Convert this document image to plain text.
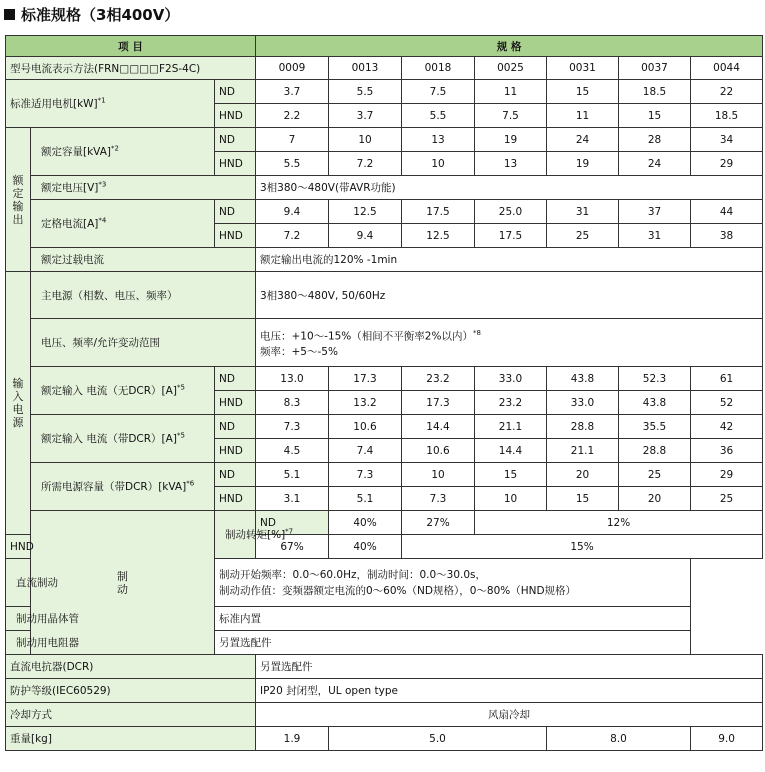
标准规格（3相400V）
项 目			规 格						
型号电流表示方法(FRN□□□□F2S-4C)			0009	0013	0018	0025	0031	0037	0044
标准适用电机[kW]$^{*1}$		ND	3.7	5.5	7.5	11	15	18.5	22
		HND	2.2	3.7	5.5	7.5	11	15	18.5
额定输出	额定容量[kVA]$^{*2}$	ND	7	10	13	19	24	28	34
		HND	5.5	7.2	10	13	19	24	29
	额定电压[V]$^{*3}$		3相380～480V(带AVR功能)						
	定格电流[A]$^{*4}$	ND	9.4	12.5	17.5	25.0	31	37	44
		HND	7.2	9.4	12.5	17.5	25	31	38
	额定过载电流		额定输出电流的120% -1min						
输入电源	主电源（相数、电压、频率）		3相380～480V, 50/60Hz						
	电压、频率/允许变动范围		电压：+10～-15%（相间不平衡率2%以内）$^{*8}$
频率：+5～-5%						
	额定输入 电流（无DCR）[A]$^{*5}$	ND	13.0	17.3	23.2	33.0	43.8	52.3	61
		HND	8.3	13.2	17.3	23.2	33.0	43.8	52
	额定输入 电流（带DCR）[A]$^{*5}$	ND	7.3	10.6	14.4	21.1	28.8	35.5	42
		HND	4.5	7.4	10.6	14.4	21.1	28.8	36
	所需电源容量（带DCR）[kVA]$^{*6}$	ND	5.1	7.3	10	15	20	25	29
		HND	3.1	5.1	7.3	10	15	20	25
	制动	制动转矩[%]$^{*7}$	ND	40%	27%	12%			
HND			67%	40%	15%				
直流制动		制动开始频率：0.0～60.0Hz，制动时间：0.0～30.0s，
制动动作值：变频器额定电流的0～60%（ND规格），0～80%（HND规格）							
制动用晶体管		标准内置							
制动用电阻器		另置选配件							
直流电抗器(DCR)			另置选配件						
防护等级(IEC60529)			IP20 封闭型，UL open type						
冷却方式			风扇冷却						
重量[kg]			1.9	5.0			8.0		9.0
